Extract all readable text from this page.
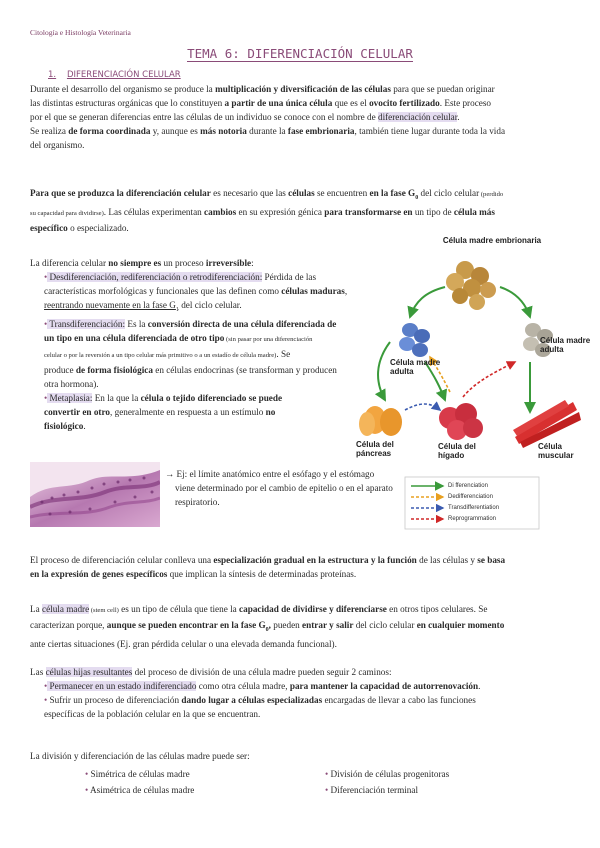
Citología e Histología Veterinaria
TEMA 6: DIFERENCIACIÓN CELULAR
1. DIFERENCIACIÓN CELULAR
Durante el desarrollo del organismo se produce la multiplicación y diversificación de las células para que se puedan originar
las distintas estructuras orgánicas que lo constituyen a partir de una única célula que es el ovocito fertilizado. Este proceso
por el que se generan diferencias entre las células de un individuo se conoce con el nombre de diferenciación celular.
Se realiza de forma coordinada y, aunque es más notoria durante la fase embrionaria, también tiene lugar durante toda la vida
del organismo.
Para que se produzca la diferenciación celular es necesario que las células se encuentren en la fase $G_0$ del ciclo celular (perdido
su capacidad para dividirse). Las células experimentan cambios en su expresión génica para transformarse en un tipo de célula más
específico o especializado.
La diferencia celular no siempre es un proceso irreversible:
• Desdiferenciación, rediferenciación o retrodiferenciación: Pérdida de las
características morfológicas y funcionales que las definen como células maduras,
reentrando nuevamente en la fase $G_1$ del ciclo celular.
• Transdiferenciación: Es la conversión directa de una célula diferenciada de
un tipo en una célula diferenciada de otro tipo (sin pasar por una diferenciación
celular o por la reversión a un tipo celular más primitivo o a un estadío de célula madre). Se
produce de forma fisiológica en células endocrinas (se transforman y producen
otra hormona).
• Metaplasia: En la que la célula o tejido diferenciado se puede
convertir en otro, generalmente en respuesta a un estímulo no
fisiológico.
→ Ej: el límite anatómico entre el esófago y el estómago
viene determinado por el cambio de epitelio o en el aparato
respiratorio.
Célula madre embrionaria
Célula madre adulta
Célula madre adulta
Célula del páncreas
Célula del hígado
Célula muscular
Di fferenciation
Dedifferenciation
Transdifferentiation
Reprogrammation
El proceso de diferenciación celular conlleva una especialización gradual en la estructura y la función de las células y se basa
en la expresión de genes específicos que implican la síntesis de determinadas proteínas.
La célula madre (stem cell) es un tipo de célula que tiene la capacidad de dividirse y diferenciarse en otros tipos celulares. Se
caracterizan porque, aunque se pueden encontrar en la fase $G_0$, pueden entrar y salir del ciclo celular en cualquier momento
ante ciertas situaciones (Ej. gran pérdida celular o una elevada demanda funcional).
Las células hijas resultantes del proceso de división de una célula madre pueden seguir 2 caminos:
• Permanecer en un estado indiferenciado como otra célula madre, para mantener la capacidad de autorrenovación.
• Sufrir un proceso de diferenciación dando lugar a células especializadas encargadas de llevar a cabo las funciones
específicas de la población celular en la que se encuentran.
La división y diferenciación de las células madre puede ser:
• Simétrica de células madre
• Asimétrica de células madre
• División de células progenitoras
• Diferenciación terminal
